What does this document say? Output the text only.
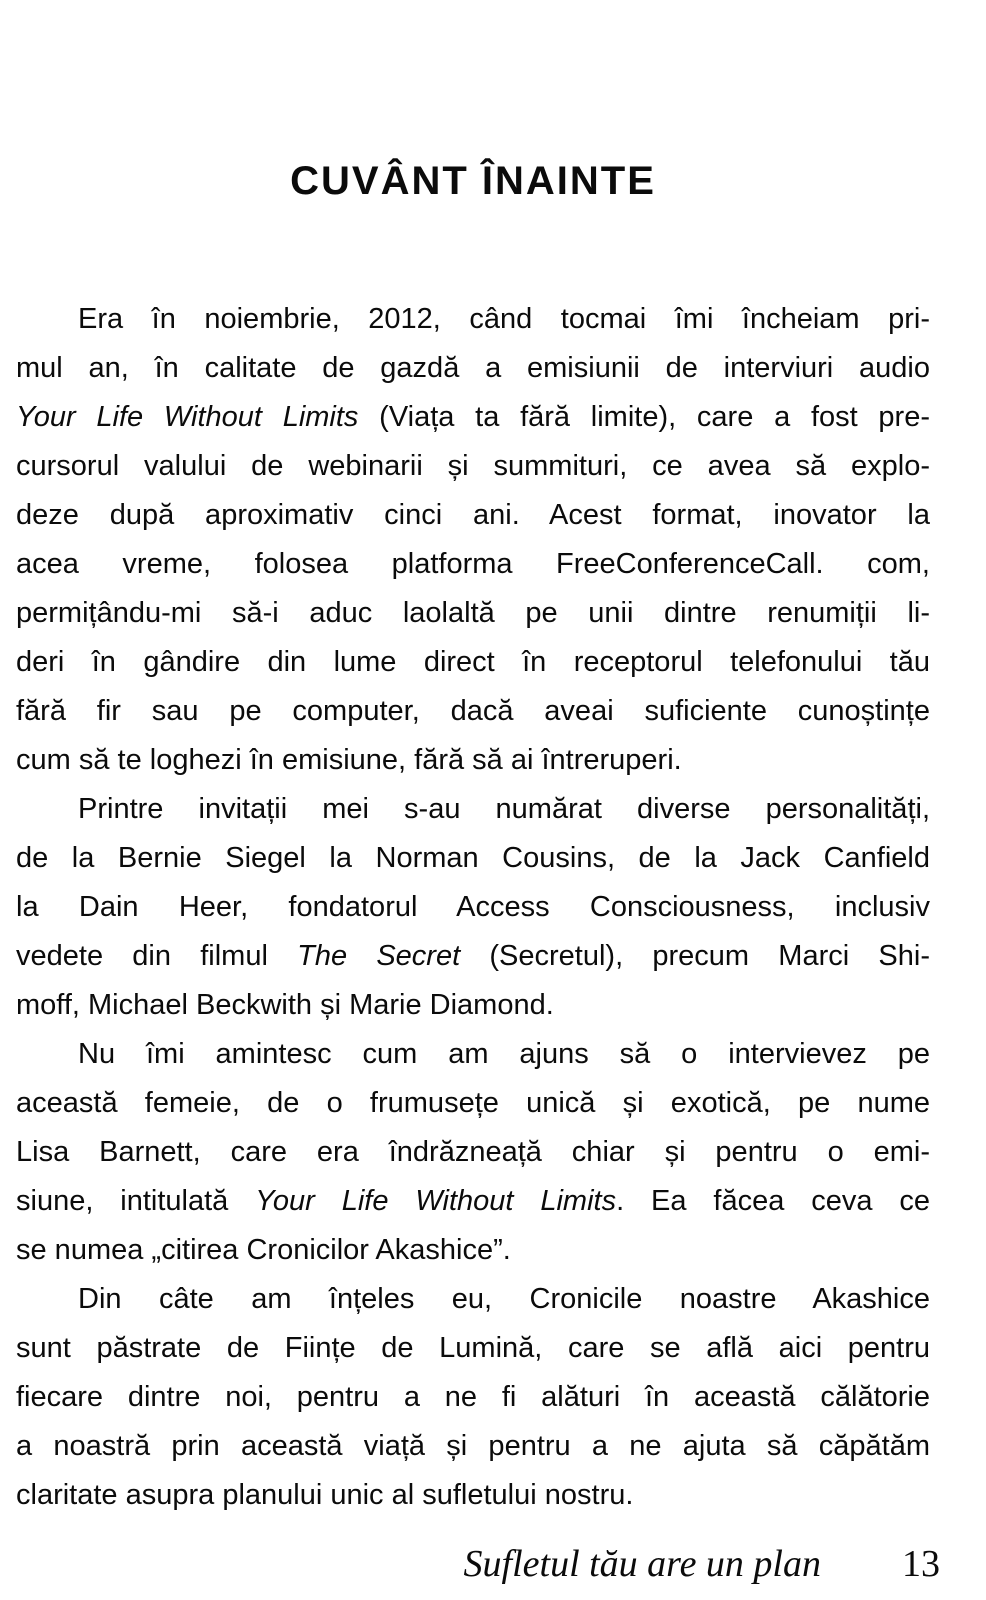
CUVÂNT ÎNAINTE

Era în noiembrie, 2012, când tocmai îmi încheiam pri-
mul an, în calitate de gazdă a emisiunii de interviuri audio
Your Life Without Limits (Viața ta fără limite), care a fost pre-
cursorul valului de webinarii și summituri, ce avea să explo-
deze după aproximativ cinci ani. Acest format, inovator la
acea vreme, folosea platforma FreeConferenceCall. com,
permițându-mi să-i aduc laolaltă pe unii dintre renumiții li-
deri în gândire din lume direct în receptorul telefonului tău
fără fir sau pe computer, dacă aveai suficiente cunoștințe
cum să te loghezi în emisiune, fără să ai întreruperi.

Printre invitații mei s-au numărat diverse personalități,
de la Bernie Siegel la Norman Cousins, de la Jack Canfield
la Dain Heer, fondatorul Access Consciousness, inclusiv
vedete din filmul The Secret (Secretul), precum Marci Shi-
moff, Michael Beckwith și Marie Diamond.

Nu îmi amintesc cum am ajuns să o intervievez pe
această femeie, de o frumusețe unică și exotică, pe nume
Lisa Barnett, care era îndrăzneață chiar și pentru o emi-
siune, intitulată Your Life Without Limits. Ea făcea ceva ce
se numea „citirea Cronicilor Akashice”.

Din câte am înțeles eu, Cronicile noastre Akashice
sunt păstrate de Ființe de Lumină, care se află aici pentru
fiecare dintre noi, pentru a ne fi alături în această călătorie
a noastră prin această viață și pentru a ne ajuta să căpătăm
claritate asupra planului unic al sufletului nostru.

Sufletul tău are un plan 13
